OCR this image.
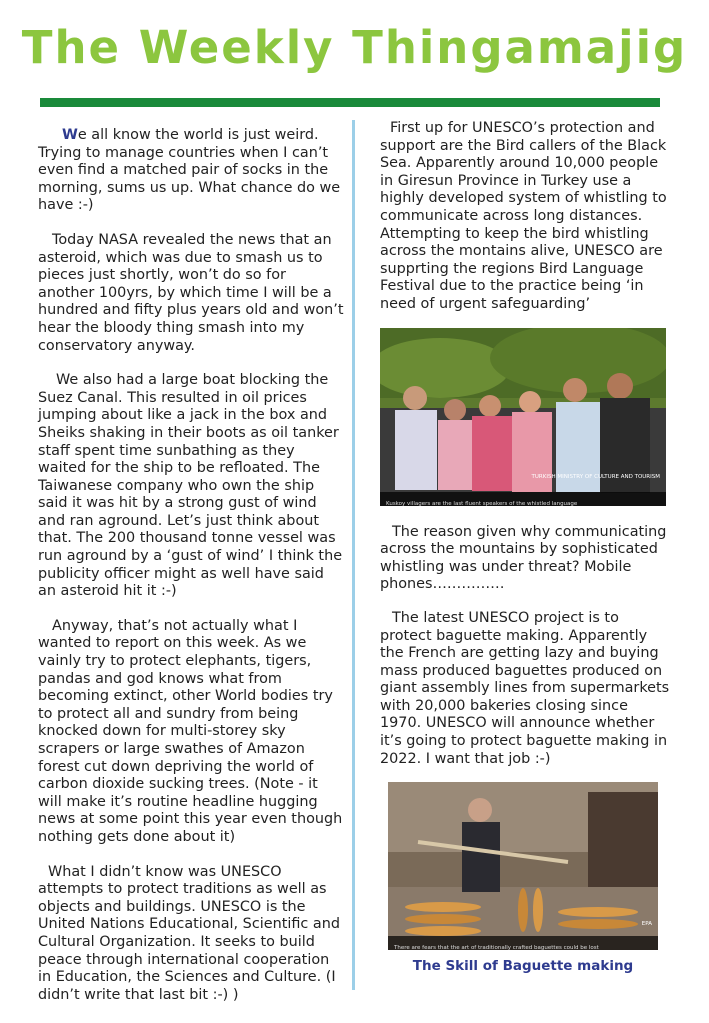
The Weekly Thingamajig

We all know the world is just weird. Trying to manage countries when I can’t even find a matched pair of socks in the morning, sums us up. What chance do we have :-)

Today NASA revealed the news that an asteroid, which was due to smash us to pieces just shortly, won’t do so for another 100yrs, by which time I will be a hundred and fifty plus years old and won’t hear the bloody thing smash into my conservatory anyway.

We also had a large boat blocking the Suez Canal. This resulted in oil prices jumping about like a jack in the box and Sheiks shaking in their boots as oil tanker staff spent time sunbathing as they waited for the ship to be refloated. The Taiwanese company who own the ship said it was hit by a strong gust of wind and ran aground. Let’s just think about that. The 200 thousand tonne vessel was run aground by a ‘gust of wind’ I think the publicity officer might as well have said an asteroid hit it :-)

Anyway, that’s not actually what I wanted to report on this week. As we vainly try to protect elephants, tigers, pandas and god knows what from becoming extinct, other World bodies try to protect all and sundry from being knocked down for multi-storey sky scrapers or large swathes of Amazon forest cut down depriving the world of carbon dioxide sucking trees. (Note - it will make it’s routine headline hugging news at some point this year even though nothing gets done about it)

What I didn’t know was UNESCO attempts to protect traditions as well as objects and buildings. UNESCO is the United Nations Educational, Scientific and Cultural Organization. It seeks to build peace through international cooperation in Education, the Sciences and Culture. (I didn’t write that last bit :-) )

First up for UNESCO’s protection and support are the Bird callers of the Black Sea. Apparently around 10,000 people in Giresun Province in Turkey use a highly developed system of whistling to communicate across long distances. Attempting to keep the bird whistling across the montains alive, UNESCO are supprting the regions Bird Language Festival due to the practice being ‘in need of urgent safeguarding’

TURKISH MINISTRY OF CULTURE AND TOURISM
Kuskoy villagers are the last fluent speakers of the whistled language

The reason given why communicating across the mountains by sophisticated whistling was under threat? Mobile phones……………

The latest UNESCO project is to protect baguette making. Apparently the French are getting lazy and buying mass produced baguettes produced on giant assembly lines from supermarkets with 20,000 bakeries closing since 1970. UNESCO will announce whether it’s going to protect baguette making in 2022. I want that job :-)

EPA
There are fears that the art of traditionally crafted baguettes could be lost
The Skill of Baguette making
